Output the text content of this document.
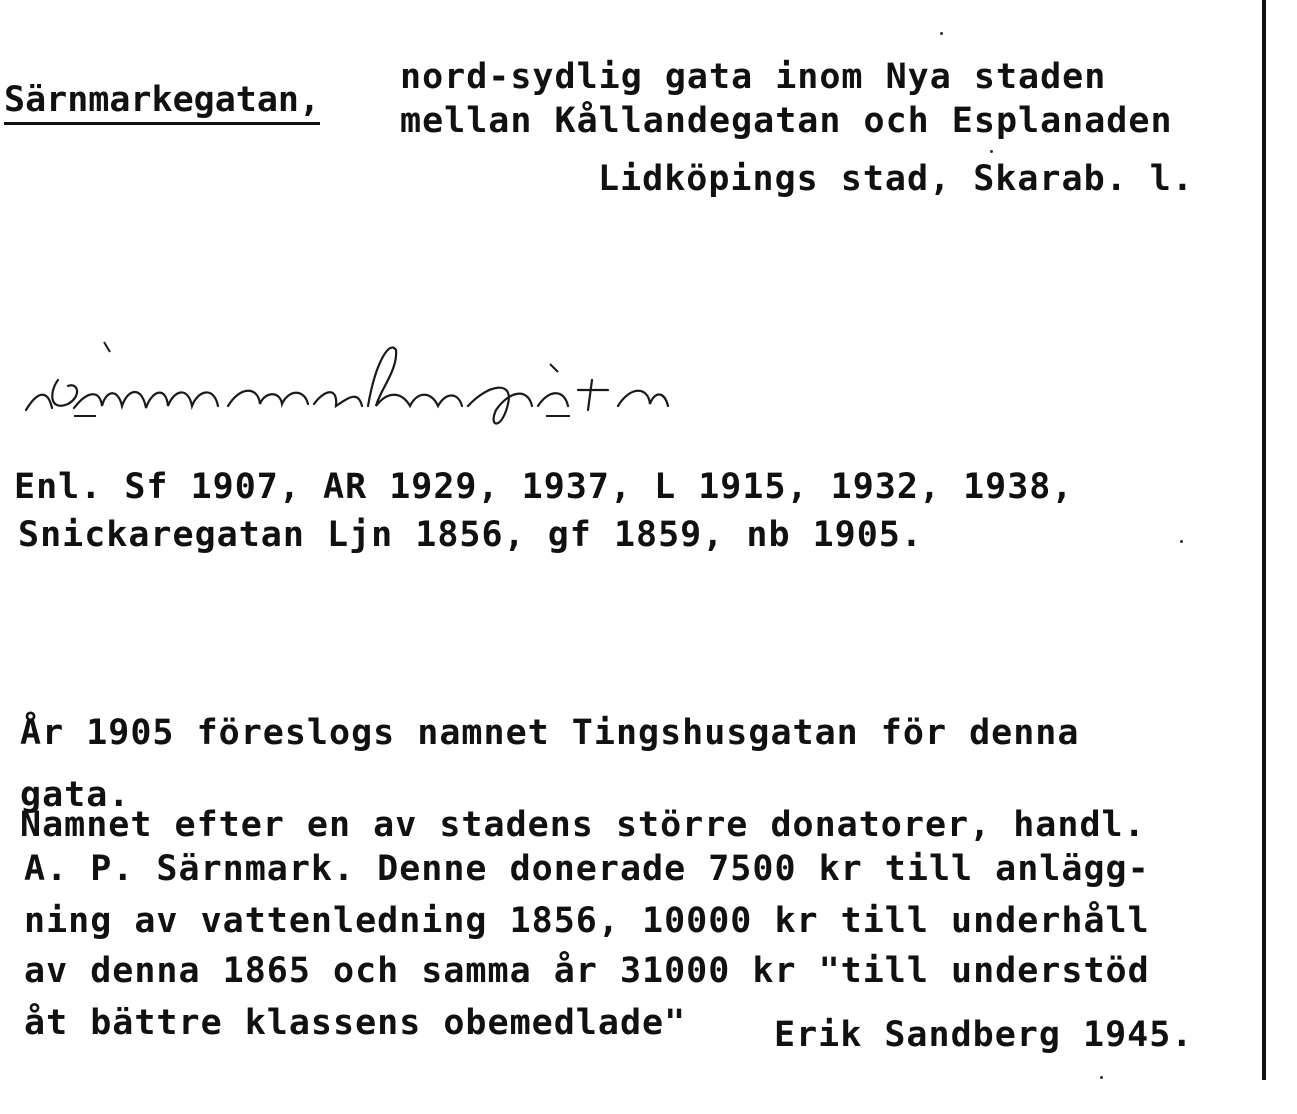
Särnmarkegatan,
nord-sydlig gata inom Nya staden
mellan Kållandegatan och Esplanaden
Lidköpings stad, Skarab. l.
Enl. Sf 1907, AR 1929, 1937, L 1915, 1932, 1938,
Snickaregatan Ljn 1856, gf 1859, nb 1905.
År 1905 föreslogs namnet Tingshusgatan för denna
gata.
Namnet efter en av stadens större donatorer, handl.
A. P. Särnmark. Denne donerade 7500 kr till anlägg-
ning av vattenledning 1856, 10000 kr till underhåll
av denna 1865 och samma år 31000 kr "till understöd
åt bättre klassens obemedlade"	Erik Sandberg 1945.
